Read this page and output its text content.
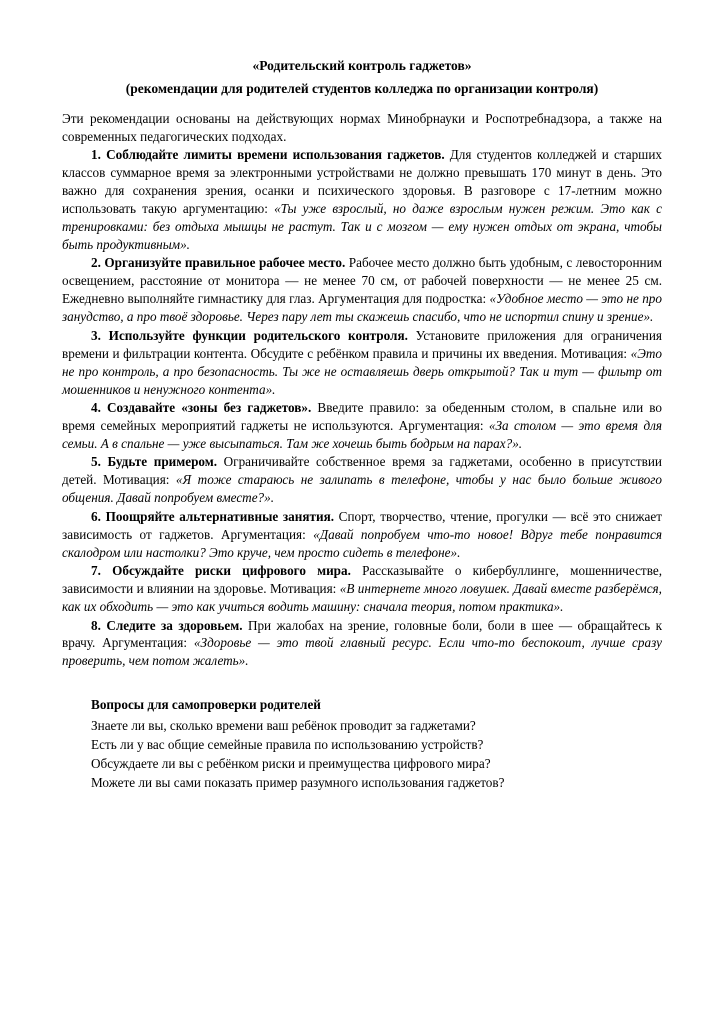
«Родительский контроль гаджетов»
(рекомендации для родителей студентов колледжа по организации контроля)

Эти рекомендации основаны на действующих нормах Минобрнауки и Роспотребнадзора, а также на современных педагогических подходах.

1. Соблюдайте лимиты времени использования гаджетов. Для студентов колледжей и старших классов суммарное время за электронными устройствами не должно превышать 170 минут в день. Это важно для сохранения зрения, осанки и психического здоровья. В разговоре с 17-летним можно использовать такую аргументацию: «Ты уже взрослый, но даже взрослым нужен режим. Это как с тренировками: без отдыха мышцы не растут. Так и с мозгом — ему нужен отдых от экрана, чтобы быть продуктивным».

2. Организуйте правильное рабочее место. Рабочее место должно быть удобным, с левосторонним освещением, расстояние от монитора — не менее 70 см, от рабочей поверхности — не менее 25 см. Ежедневно выполняйте гимнастику для глаз. Аргументация для подростка: «Удобное место — это не про занудство, а про твоё здоровье. Через пару лет ты скажешь спасибо, что не испортил спину и зрение».

3. Используйте функции родительского контроля. Установите приложения для ограничения времени и фильтрации контента. Обсудите с ребёнком правила и причины их введения. Мотивация: «Это не про контроль, а про безопасность. Ты же не оставляешь дверь открытой? Так и тут — фильтр от мошенников и ненужного контента».

4. Создавайте «зоны без гаджетов». Введите правило: за обеденным столом, в спальне или во время семейных мероприятий гаджеты не используются. Аргументация: «За столом — это время для семьи. А в спальне — уже высыпаться. Там же хочешь быть бодрым на парах?».

5. Будьте примером. Ограничивайте собственное время за гаджетами, особенно в присутствии детей. Мотивация: «Я тоже стараюсь не залипать в телефоне, чтобы у нас было больше живого общения. Давай попробуем вместе?».

6. Поощряйте альтернативные занятия. Спорт, творчество, чтение, прогулки — всё это снижает зависимость от гаджетов. Аргументация: «Давай попробуем что-то новое! Вдруг тебе понравится скалодром или настолки? Это круче, чем просто сидеть в телефоне».

7. Обсуждайте риски цифрового мира. Рассказывайте о кибербуллинге, мошенничестве, зависимости и влиянии на здоровье. Мотивация: «В интернете много ловушек. Давай вместе разберёмся, как их обходить — это как учиться водить машину: сначала теория, потом практика».

8. Следите за здоровьем. При жалобах на зрение, головные боли, боли в шее — обращайтесь к врачу. Аргументация: «Здоровье — это твой главный ресурс. Если что-то беспокоит, лучше сразу проверить, чем потом жалеть».

Вопросы для самопроверки родителей

Знаете ли вы, сколько времени ваш ребёнок проводит за гаджетами?

Есть ли у вас общие семейные правила по использованию устройств?

Обсуждаете ли вы с ребёнком риски и преимущества цифрового мира?

Можете ли вы сами показать пример разумного использования гаджетов?
